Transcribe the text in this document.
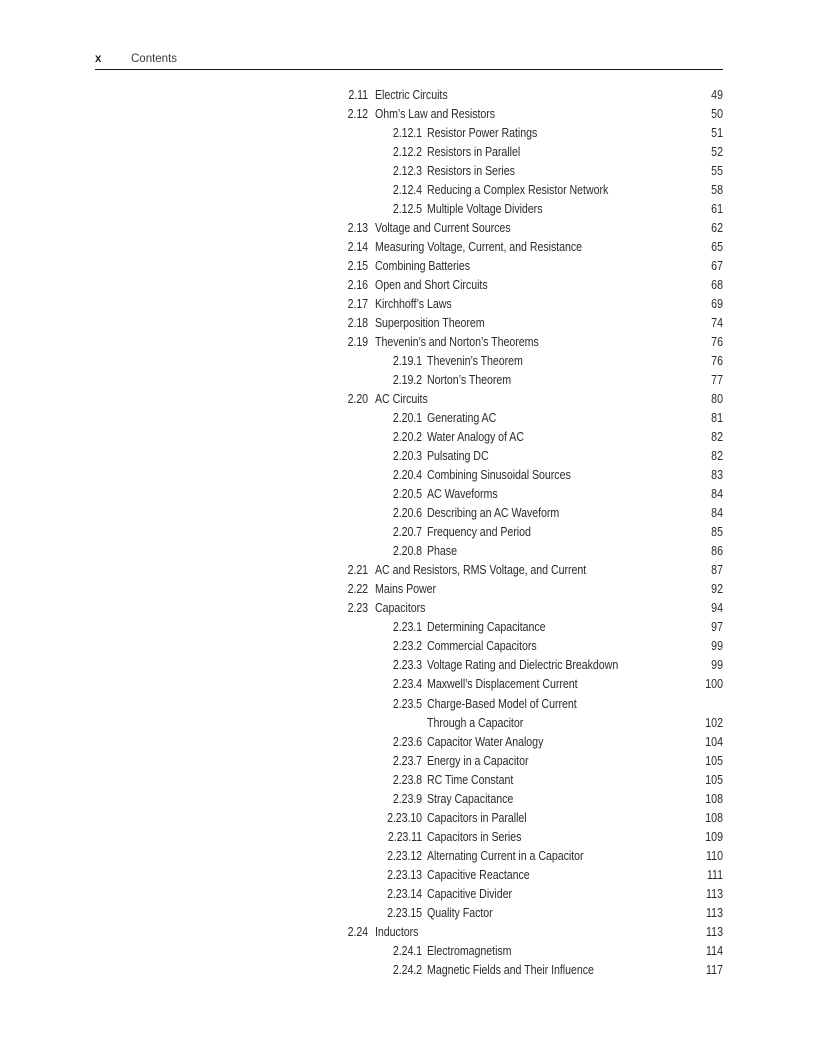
x	Contents
2.11 Electric Circuits	49
2.12 Ohm’s Law and Resistors	50
2.12.1 Resistor Power Ratings	51
2.12.2 Resistors in Parallel	52
2.12.3 Resistors in Series	55
2.12.4 Reducing a Complex Resistor Network	58
2.12.5 Multiple Voltage Dividers	61
2.13 Voltage and Current Sources	62
2.14 Measuring Voltage, Current, and Resistance	65
2.15 Combining Batteries	67
2.16 Open and Short Circuits	68
2.17 Kirchhoff’s Laws	69
2.18 Superposition Theorem	74
2.19 Thevenin’s and Norton’s Theorems	76
2.19.1 Thevenin’s Theorem	76
2.19.2 Norton’s Theorem	77
2.20 AC Circuits	80
2.20.1 Generating AC	81
2.20.2 Water Analogy of AC	82
2.20.3 Pulsating DC	82
2.20.4 Combining Sinusoidal Sources	83
2.20.5 AC Waveforms	84
2.20.6 Describing an AC Waveform	84
2.20.7 Frequency and Period	85
2.20.8 Phase	86
2.21 AC and Resistors, RMS Voltage, and Current	87
2.22 Mains Power	92
2.23 Capacitors	94
2.23.1 Determining Capacitance	97
2.23.2 Commercial Capacitors	99
2.23.3 Voltage Rating and Dielectric Breakdown	99
2.23.4 Maxwell’s Displacement Current	100
2.23.5 Charge-Based Model of Current
Through a Capacitor	102
2.23.6 Capacitor Water Analogy	104
2.23.7 Energy in a Capacitor	105
2.23.8 RC Time Constant	105
2.23.9 Stray Capacitance	108
2.23.10 Capacitors in Parallel	108
2.23.11 Capacitors in Series	109
2.23.12 Alternating Current in a Capacitor	110
2.23.13 Capacitive Reactance	111
2.23.14 Capacitive Divider	113
2.23.15 Quality Factor	113
2.24 Inductors	113
2.24.1 Electromagnetism	114
2.24.2 Magnetic Fields and Their Influence	117
